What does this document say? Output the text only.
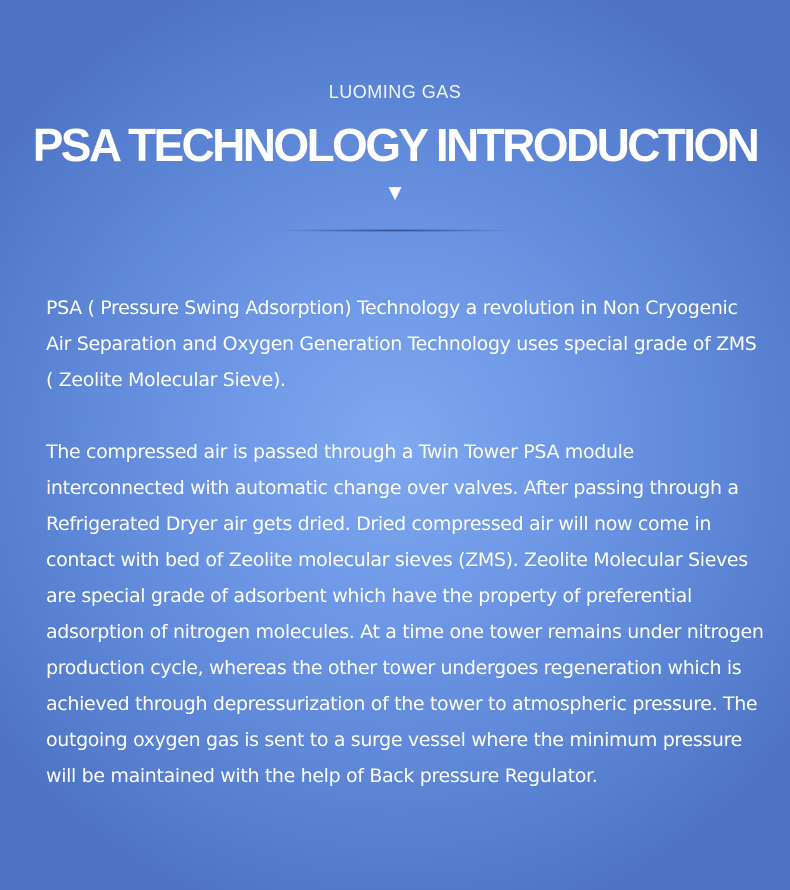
LUOMING GAS
PSA TECHNOLOGY INTRODUCTION
▼

PSA ( Pressure Swing Adsorption) Technology a revolution in Non Cryogenic Air Separation and Oxygen Generation Technology uses special grade of ZMS ( Zeolite Molecular Sieve).

The compressed air is passed through a Twin Tower PSA module interconnected with automatic change over valves. After passing through a Refrigerated Dryer air gets dried. Dried compressed air will now come in contact with bed of Zeolite molecular sieves (ZMS). Zeolite Molecular Sieves are special grade of adsorbent which have the property of preferential adsorption of nitrogen molecules. At a time one tower remains under nitrogen production cycle, whereas the other tower undergoes regeneration which is achieved through depressurization of the tower to atmospheric pressure. The outgoing oxygen gas is sent to a surge vessel where the minimum pressure will be maintained with the help of Back pressure Regulator.
